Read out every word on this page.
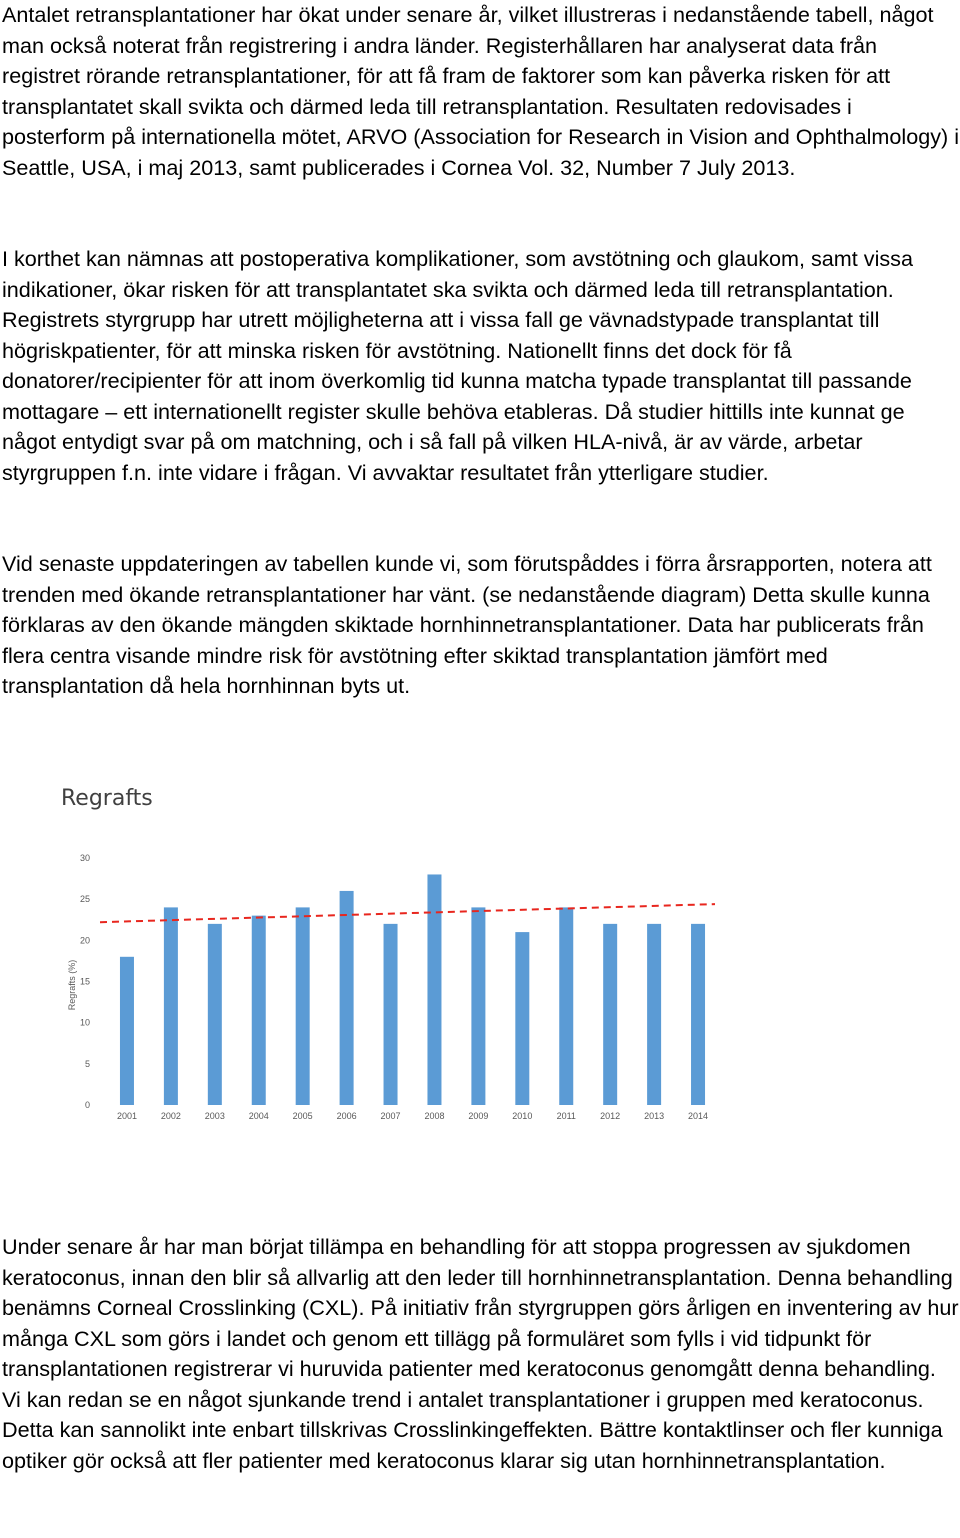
Antalet retransplantationer har ökat under senare år, vilket illustreras i nedanstående tabell, något man också noterat från registrering i andra länder. Registerhållaren har analyserat data från registret rörande retransplantationer, för att få fram de faktorer som kan påverka risken för att transplantatet skall svikta och därmed leda till retransplantation. Resultaten redovisades i posterform på internationella mötet, ARVO (Association for Research in Vision and Ophthalmology) i Seattle, USA, i maj 2013, samt publicerades i Cornea Vol. 32, Number 7 July 2013.

I korthet kan nämnas att postoperativa komplikationer, som avstötning och glaukom, samt vissa indikationer, ökar risken för att transplantatet ska svikta och därmed leda till retransplantation. Registrets styrgrupp har utrett möjligheterna att i vissa fall ge vävnadstypade transplantat till högriskpatienter, för att minska risken för avstötning. Nationellt finns det dock för få donatorer/recipienter för att inom överkomlig tid kunna matcha typade transplantat till passande mottagare – ett internationellt register skulle behöva etableras. Då studier hittills inte kunnat ge något entydigt svar på om matchning, och i så fall på vilken HLA-nivå, är av värde, arbetar styrgruppen f.n. inte vidare i frågan. Vi avvaktar resultatet från ytterligare studier.

Vid senaste uppdateringen av tabellen kunde vi, som förutspåddes i förra årsrapporten, notera att trenden med ökande retransplantationer har vänt. (se nedanstående diagram) Detta skulle kunna förklaras av den ökande mängden skiktade hornhinnetransplantationer. Data har publicerats från flera centra visande mindre risk för avstötning efter skiktad transplantation jämfört med transplantation då hela hornhinnan byts ut.

Regrafts
Regrafts (%)
0
5
10
15
20
25
30
2001	2002	2003	2004	2005	2006	2007	2008	2009	2010	2011	2012	2013	2014

Under senare år har man börjat tillämpa en behandling för att stoppa progressen av sjukdomen keratoconus, innan den blir så allvarlig att den leder till hornhinnetransplantation. Denna behandling benämns Corneal Crosslinking (CXL). På initiativ från styrgruppen görs årligen en inventering av hur många CXL som görs i landet och genom ett tillägg på formuläret som fylls i vid tidpunkt för transplantationen registrerar vi huruvida patienter med keratoconus genomgått denna behandling. Vi kan redan se en något sjunkande trend i antalet transplantationer i gruppen med keratoconus. Detta kan sannolikt inte enbart tillskrivas Crosslinkingeffekten. Bättre kontaktlinser och fler kunniga optiker gör också att fler patienter med keratoconus klarar sig utan hornhinnetransplantation.
